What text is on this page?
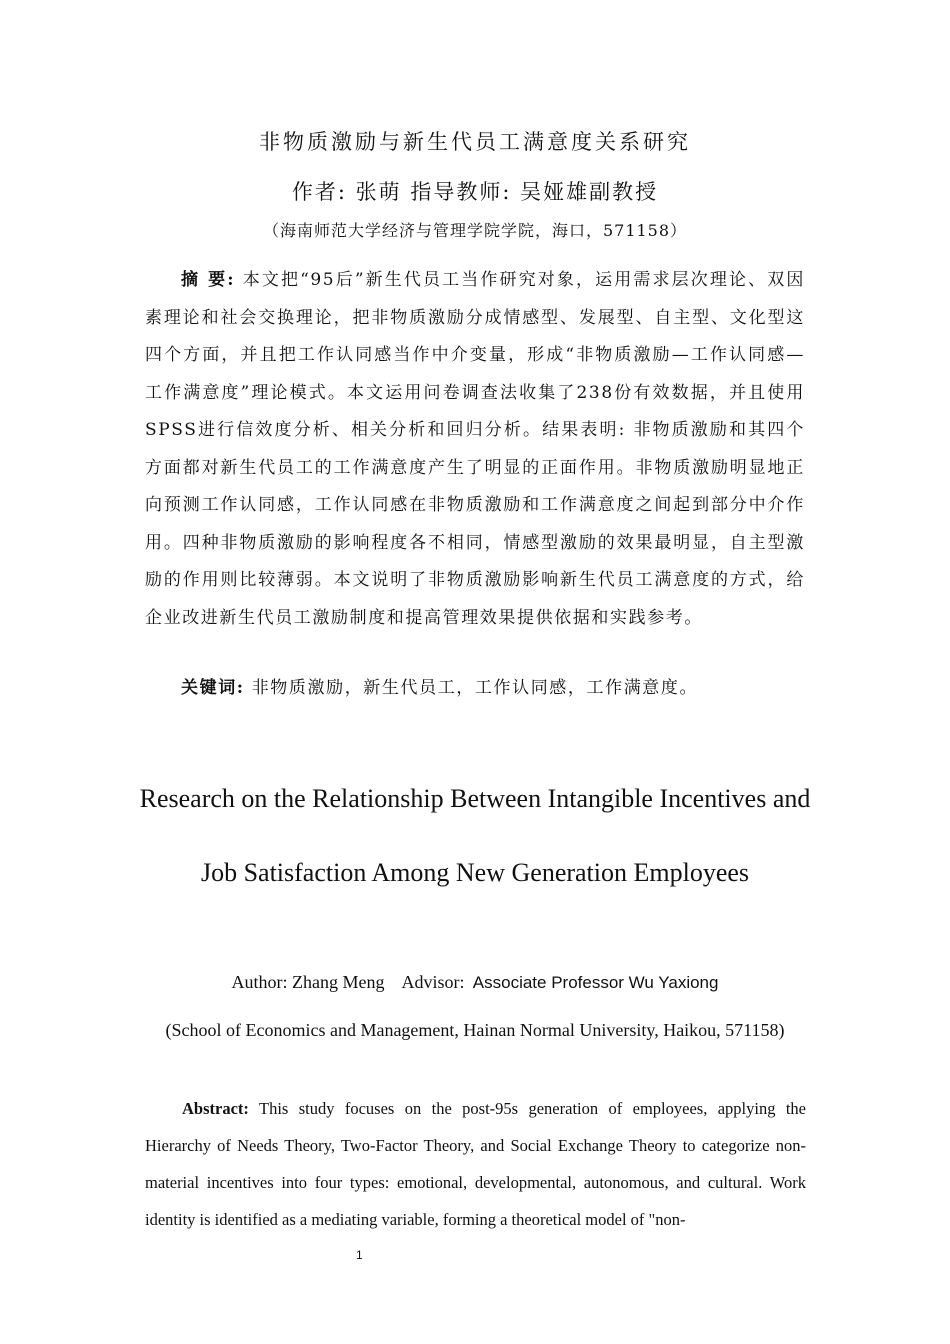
非物质激励与新生代员工满意度关系研究
作者: 张萌 指导教师: 吴娅雄副教授
（海南师范大学经济与管理学院学院，海口，571158）

摘 要: 本文把“95后”新生代员工当作研究对象，运用需求层次理论、双因素理论和社会交换理论，把非物质激励分成情感型、发展型、自主型、文化型这四个方面，并且把工作认同感当作中介变量，形成“非物质激励—工作认同感—工作满意度”理论模式。本文运用问卷调查法收集了238份有效数据，并且使用SPSS进行信效度分析、相关分析和回归分析。结果表明: 非物质激励和其四个方面都对新生代员工的工作满意度产生了明显的正面作用。非物质激励明显地正向预测工作认同感，工作认同感在非物质激励和工作满意度之间起到部分中介作用。四种非物质激励的影响程度各不相同，情感型激励的效果最明显，自主型激励的作用则比较薄弱。本文说明了非物质激励影响新生代员工满意度的方式，给企业改进新生代员工激励制度和提高管理效果提供依据和实践参考。

关键词: 非物质激励，新生代员工，工作认同感，工作满意度。

Research on the Relationship Between Intangible Incentives and
Job Satisfaction Among New Generation Employees
Author: Zhang Meng    Advisor:  Associate Professor Wu Yaxiong
(School of Economics and Management, Hainan Normal University, Haikou, 571158)

Abstract: This study focuses on the post-95s generation of employees, applying the Hierarchy of Needs Theory, Two-Factor Theory, and Social Exchange Theory to categorize non-material incentives into four types: emotional, developmental, autonomous, and cultural. Work identity is identified as a mediating variable, forming a theoretical model of "non-

1
